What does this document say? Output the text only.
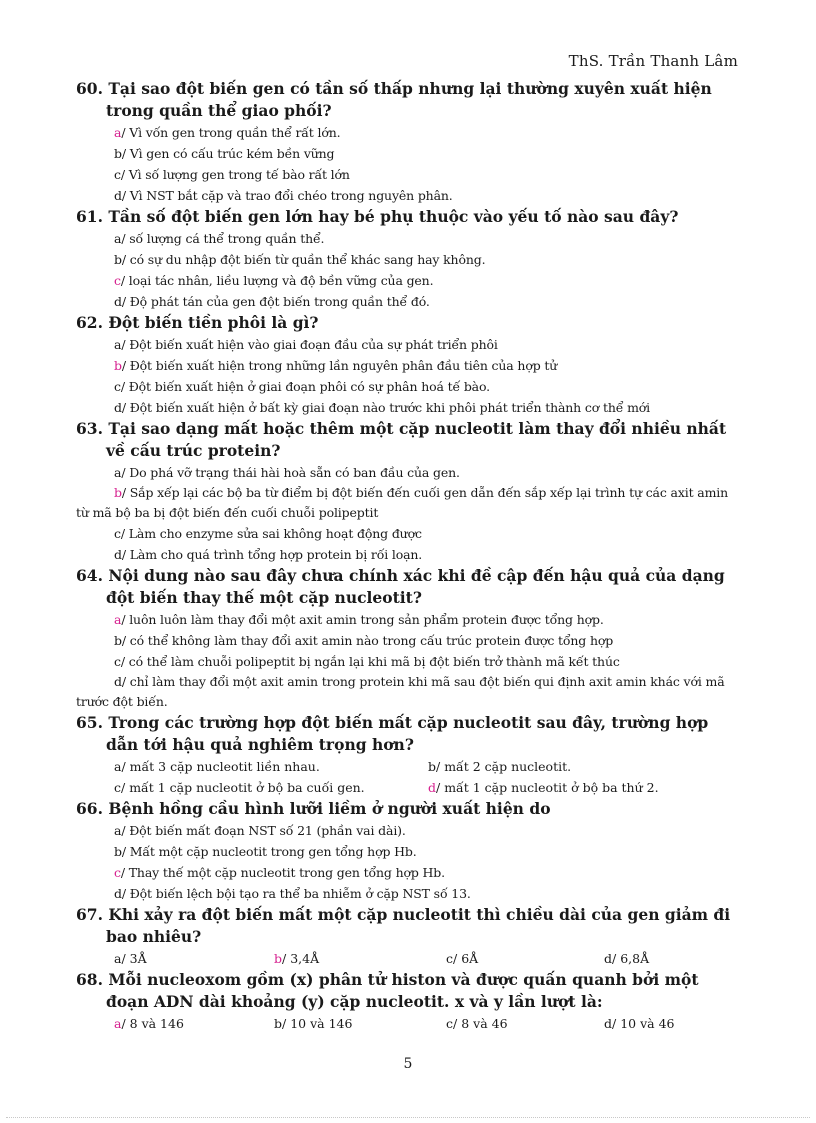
ThS. Trần Thanh Lâm
60. Tại sao đột biến gen có tần số thấp nhưng lại thường xuyên xuất hiện trong quần thể giao phối?
a/ Vì vốn gen trong quần thể rất lớn.
b/ Vì gen có cấu trúc kém bền vững
c/ Vì số lượng gen trong tế bào rất lớn
d/ Vì NST bắt cặp và trao đổi chéo trong nguyên phân.
61. Tần số đột biến gen lớn hay bé phụ thuộc vào yếu tố nào sau đây?
a/ số lượng cá thể trong quần thể.
b/ có sự du nhập đột biến từ quần thể khác sang hay không.
c/ loại tác nhân, liều lượng và độ bền vững của gen.
d/ Độ phát tán của gen đột biến trong quần thể đó.
62. Đột biến tiền phôi là gì?
a/ Đột biến xuất hiện vào giai đoạn đầu của sự phát triển phôi
b/ Đột biến xuất hiện trong những lần nguyên phân đầu tiên của hợp tử
c/ Đột biến xuất hiện ở giai đoạn phôi có sự phân hoá tế bào.
d/ Đột biến xuất hiện ở bất kỳ giai đoạn nào trước khi phôi phát triển thành cơ thể mới
63. Tại sao dạng mất hoặc thêm một cặp nucleotit làm thay đổi nhiều nhất về cấu trúc protein?
a/ Do phá vỡ trạng thái hài hoà sẵn có ban đầu của gen.
b/ Sắp xếp lại các bộ ba từ điểm bị đột biến đến cuối gen dẫn đến sắp xếp lại trình tự các axit amin từ mã bộ ba bị đột biến đến cuối chuỗi polipeptit
c/ Làm cho enzyme sửa sai không hoạt động được
d/ Làm cho quá trình tổng hợp protein bị rối loạn.
64. Nội dung nào sau đây chưa chính xác khi đề cập đến hậu quả của dạng đột biến thay thế một cặp nucleotit?
a/ luôn luôn làm thay đổi một axit amin trong sản phẩm protein được tổng hợp.
b/ có thể không làm thay đổi axit amin nào trong cấu trúc protein được tổng hợp
c/ có thể làm chuỗi polipeptit bị ngắn lại khi mã bị đột biến trở thành mã kết thúc
d/ chỉ làm thay đổi một axit amin trong protein khi mã sau đột biến qui định axit amin khác với mã trước đột biến.
65. Trong các trường hợp đột biến mất cặp nucleotit sau đây, trường hợp dẫn tới hậu quả nghiêm trọng hơn?
a/ mất 3 cặp nucleotit liền nhau.	b/ mất 2 cặp nucleotit.
c/ mất 1 cặp nucleotit ở bộ ba cuối gen.	d/ mất 1 cặp nucleotit ở bộ ba thứ 2.
66. Bệnh hồng cầu hình lưỡi liềm ở người xuất hiện do
a/ Đột biến mất đoạn NST số 21 (phần vai dài).
b/ Mất một cặp nucleotit trong gen tổng hợp Hb.
c/ Thay thế một cặp nucleotit trong gen tổng hợp Hb.
d/ Đột biến lệch bội tạo ra thể ba nhiễm ở cặp NST số 13.
67. Khi xảy ra đột biến mất một cặp nucleotit thì chiều dài của gen giảm đi bao nhiêu?
a/ 3Å	b/ 3,4Å	c/ 6Å	d/ 6,8Å
68. Mỗi nucleoxom gồm (x) phân tử histon và được quấn quanh bởi một đoạn ADN dài khoảng (y) cặp nucleotit. x và y lần lượt là:
a/ 8 và 146	b/ 10 và 146	c/ 8 và 46	d/ 10 và 46
5
